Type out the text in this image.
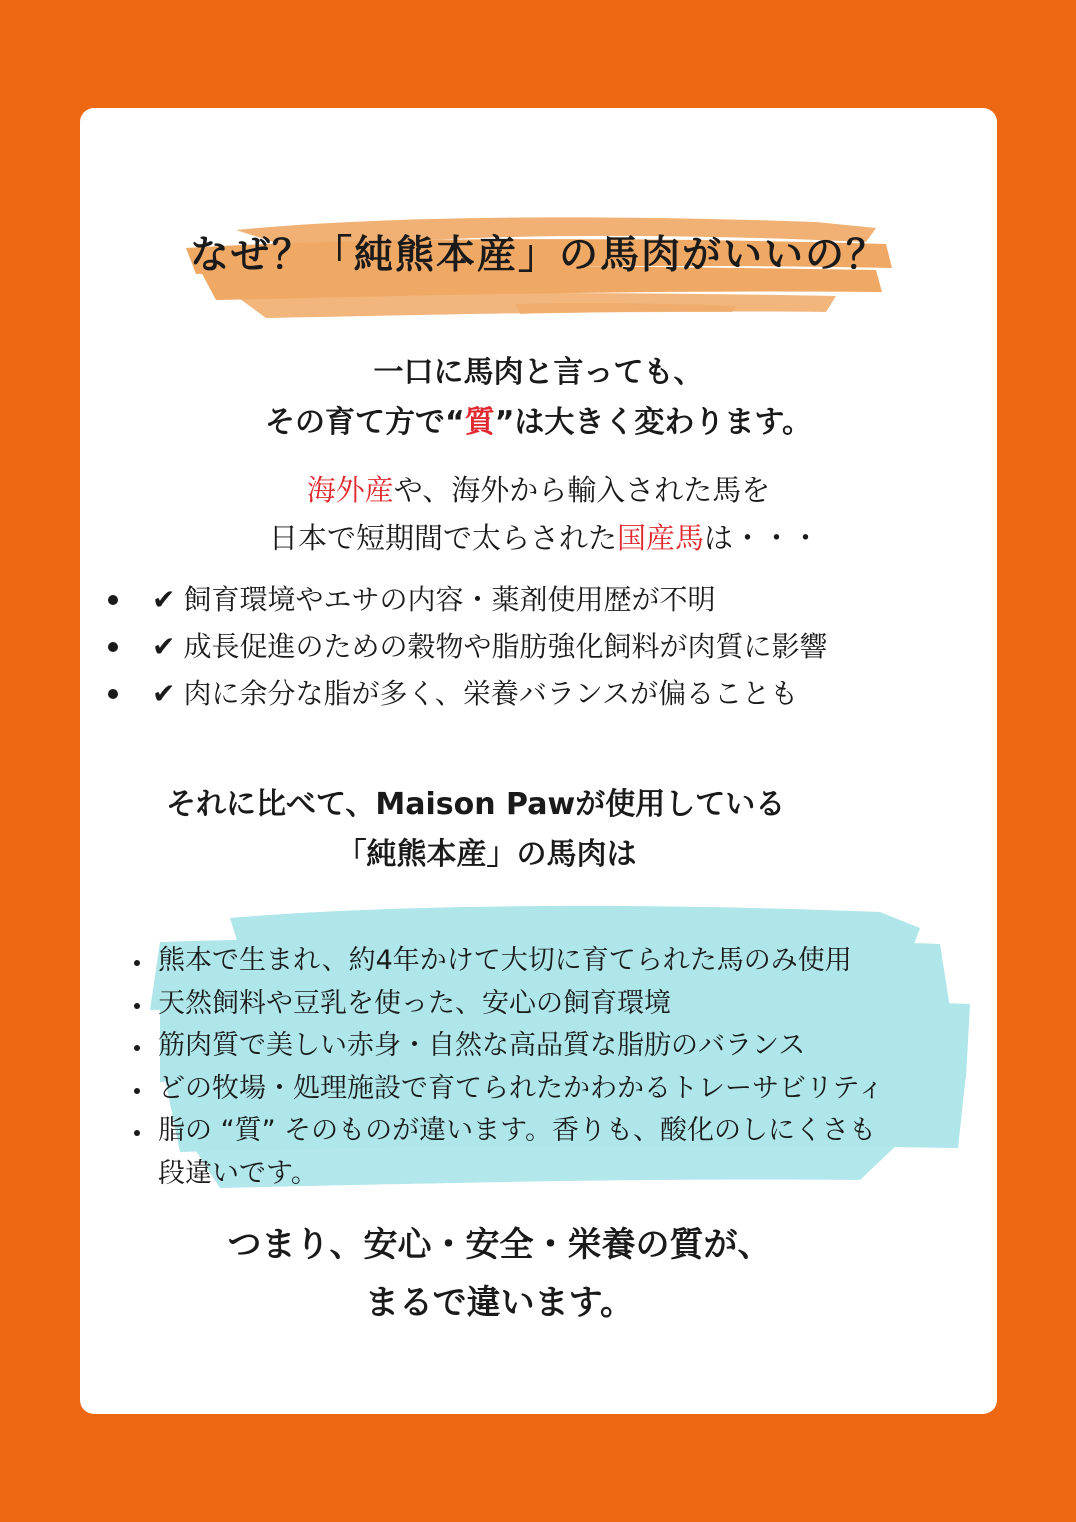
なぜ？「純熊本産」の馬肉がいいの？
一口に馬肉と言っても、
その育て方で“質”は大きく変わります。
海外産や、海外から輸入された馬を
日本で短期間で太らされた国産馬は・・・
✔ 飼育環境やエサの内容・薬剤使用歴が不明
✔ 成長促進のための穀物や脂肪強化飼料が肉質に影響
✔ 肉に余分な脂が多く、栄養バランスが偏ることも
それに比べて、Maison Pawが使用している
「純熊本産」の馬肉は
熊本で生まれ、約4年かけて大切に育てられた馬のみ使用
天然飼料や豆乳を使った、安心の飼育環境
筋肉質で美しい赤身・自然な高品質な脂肪のバランス
どの牧場・処理施設で育てられたかわかるトレーサビリティ
脂の “質” そのものが違います。香りも、酸化のしにくさも
段違いです。
つまり、安心・安全・栄養の質が、
まるで違います。
